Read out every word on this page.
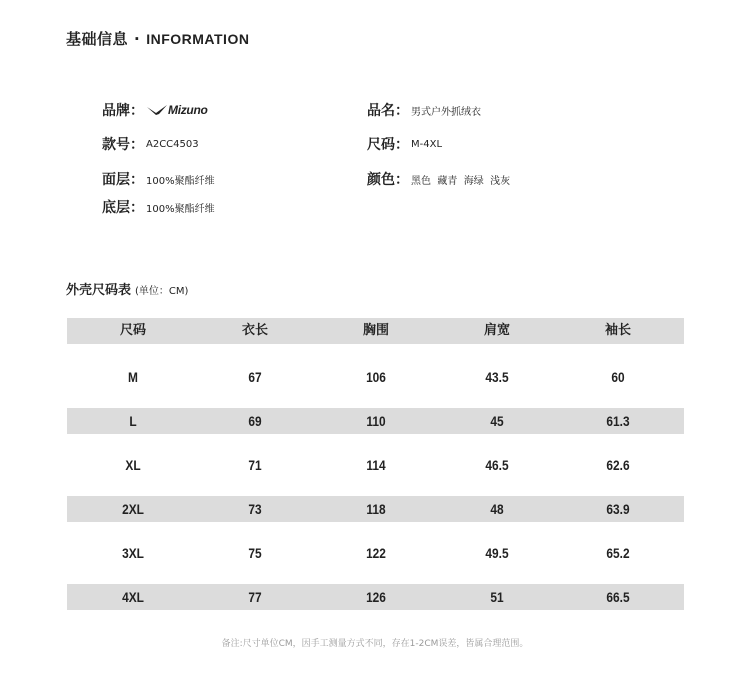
基础信息 · INFORMATION
品牌： Mizuno	品名： 男式户外抓绒衣
款号： A2CC4503	尺码： M-4XL
面层： 100%聚酯纤维	颜色： 黑色  藏青  海绿  浅灰
底层： 100%聚酯纤维
外壳尺码表 (单位：CM)
尺码	衣长	胸围	肩宽	袖长
M	67	106	43.5	60
L	69	110	45	61.3
XL	71	114	46.5	62.6
2XL	73	118	48	63.9
3XL	75	122	49.5	65.2
4XL	77	126	51	66.5
备注:尺寸单位CM，因手工测量方式不同，存在1-2CM误差，皆属合理范围。
